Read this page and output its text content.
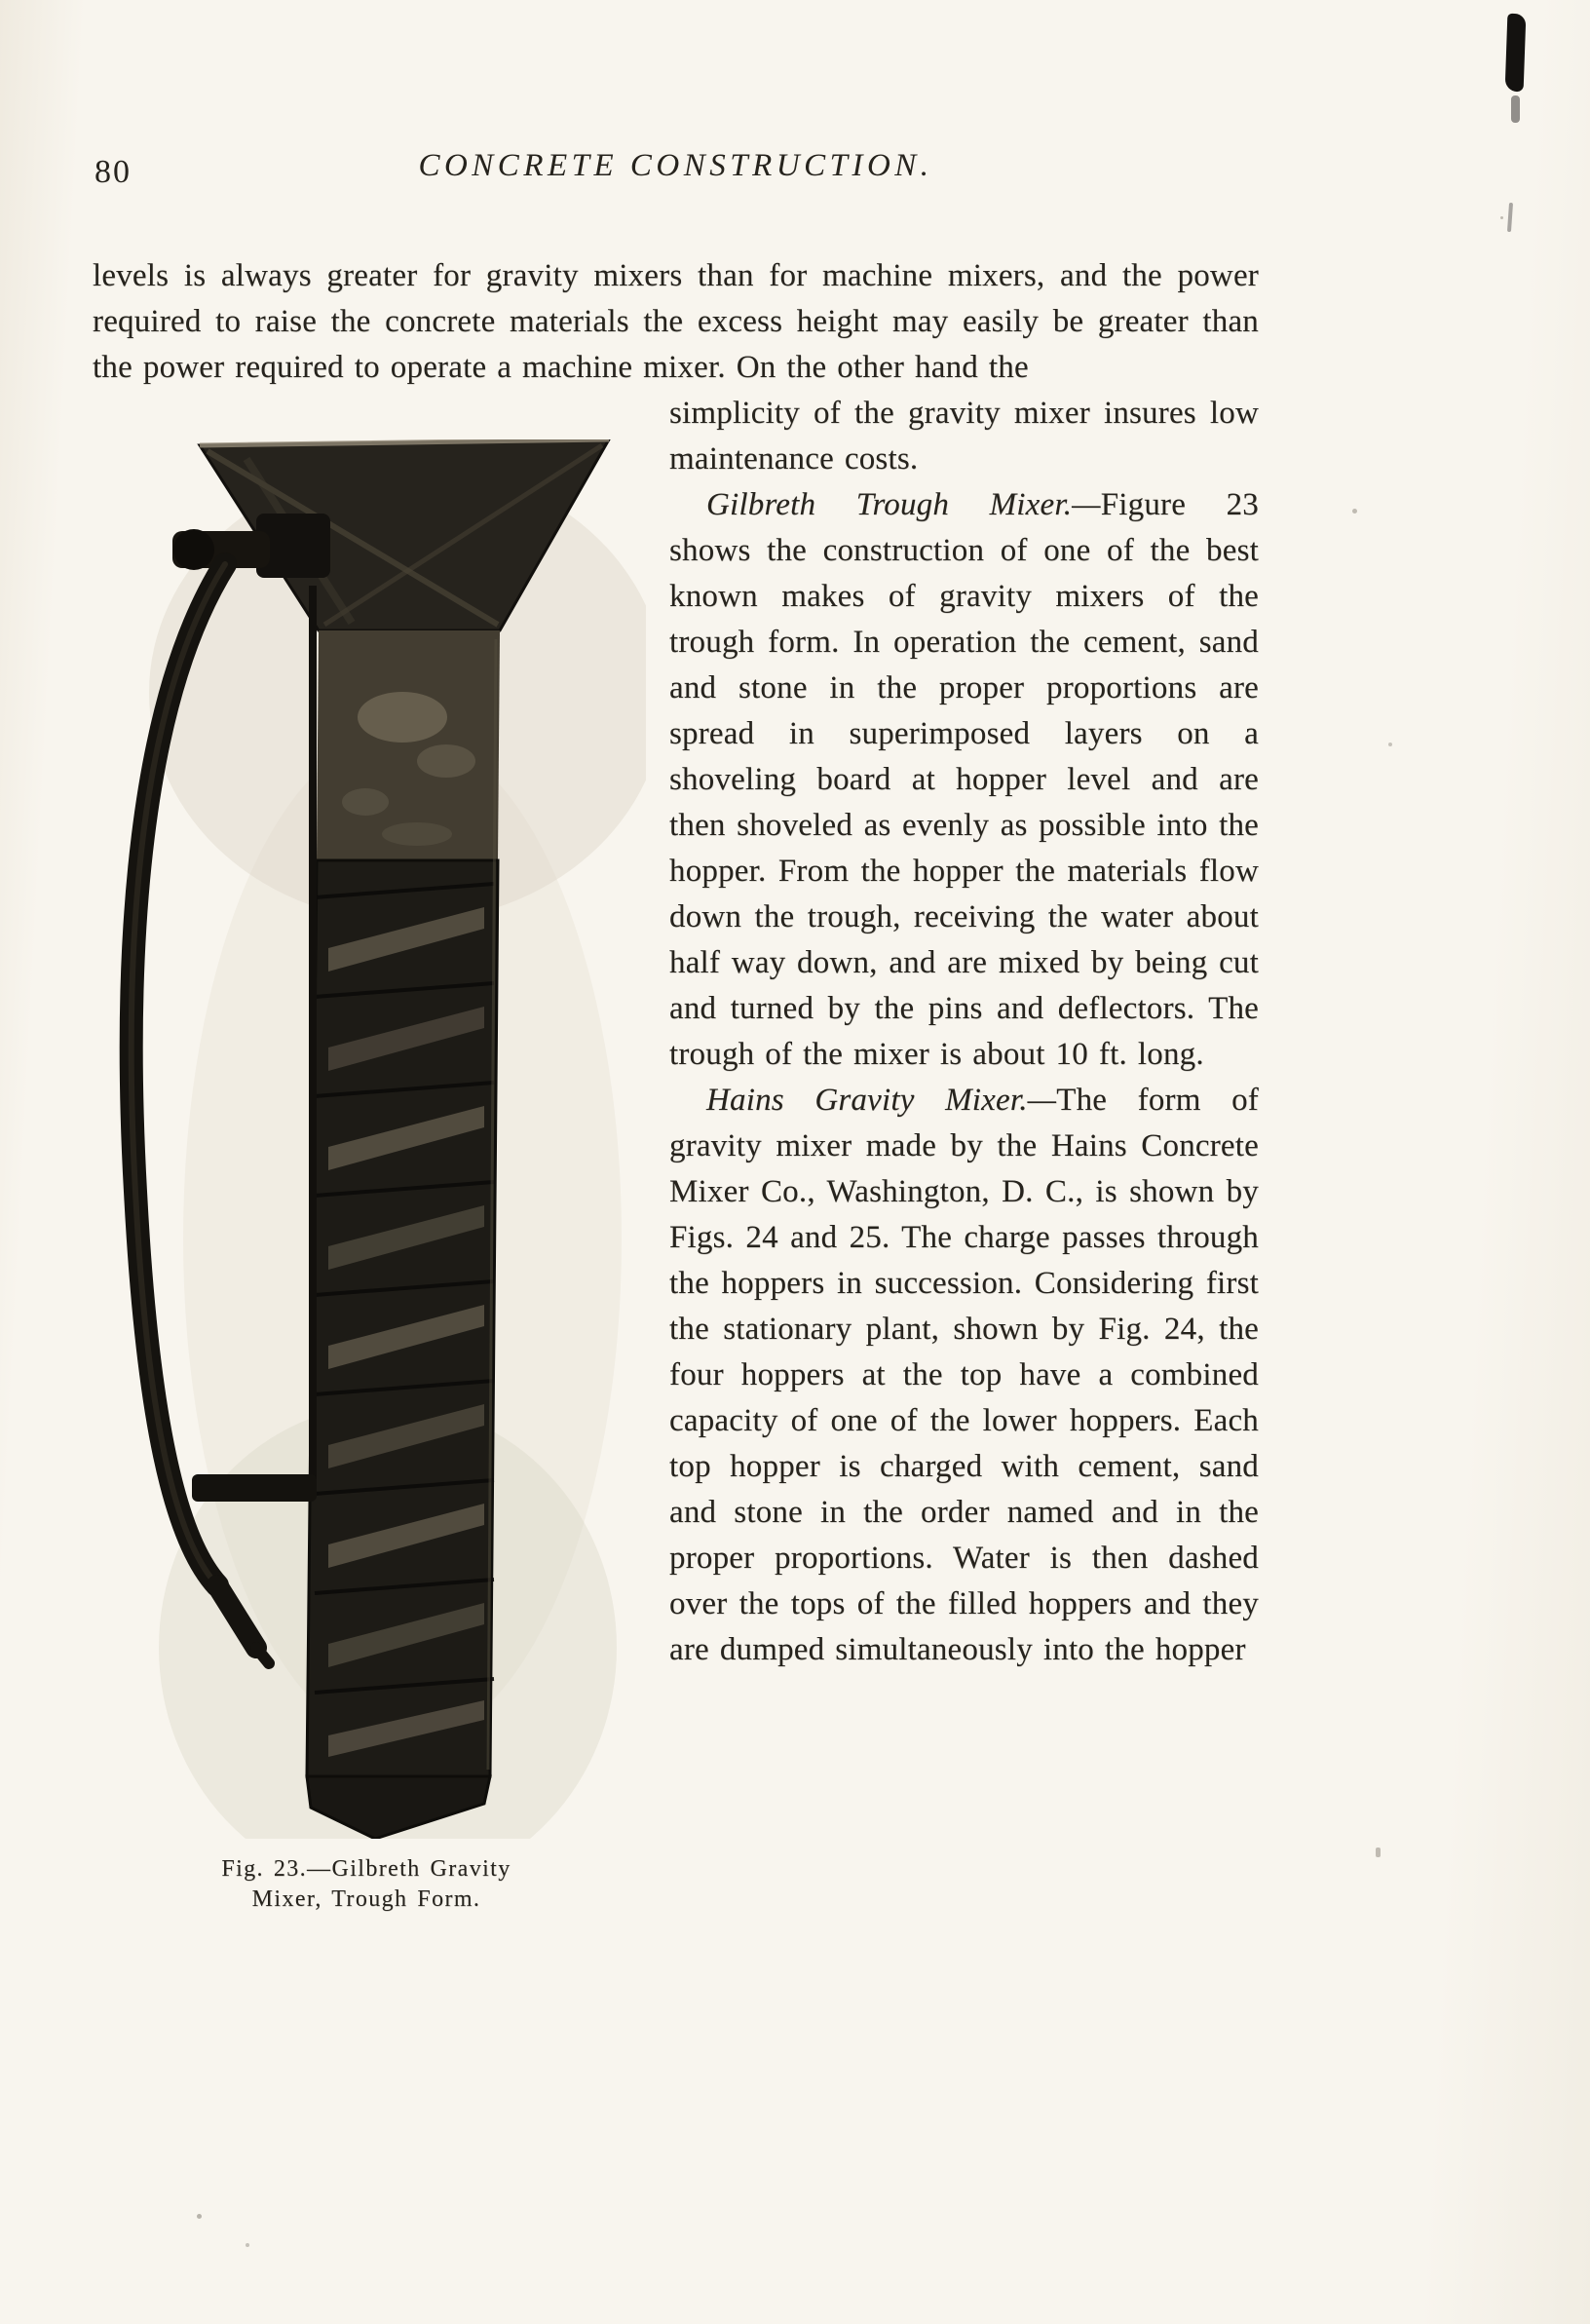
80	CONCRETE CONSTRUCTION.

levels is always greater for gravity mixers than for machine mixers, and the power required to raise the concrete materials the excess height may easily be greater than the power required to operate a machine mixer. On the other hand the

Fig. 23.—Gilbreth Gravity
Mixer, Trough Form.

simplicity of the gravity mixer insures low maintenance costs.

Gilbreth Trough Mixer.—Figure 23 shows the construction of one of the best known makes of gravity mixers of the trough form. In operation the cement, sand and stone in the proper proportions are spread in superimposed layers on a shoveling board at hopper level and are then shoveled as evenly as possible into the hopper. From the hopper the materials flow down the trough, receiving the water about half way down, and are mixed by being cut and turned by the pins and deflectors. The trough of the mixer is about 10 ft. long.

Hains Gravity Mixer.—The form of gravity mixer made by the Hains Concrete Mixer Co., Washington, D. C., is shown by Figs. 24 and 25. The charge passes through the hoppers in succession. Considering first the stationary plant, shown by Fig. 24, the four hoppers at the top have a combined capacity of one of the lower hoppers. Each top hopper is charged with cement, sand and stone in the order named and in the proper proportions. Water is then dashed over the tops of the filled hoppers and they are dumped simultaneously into the hopper
